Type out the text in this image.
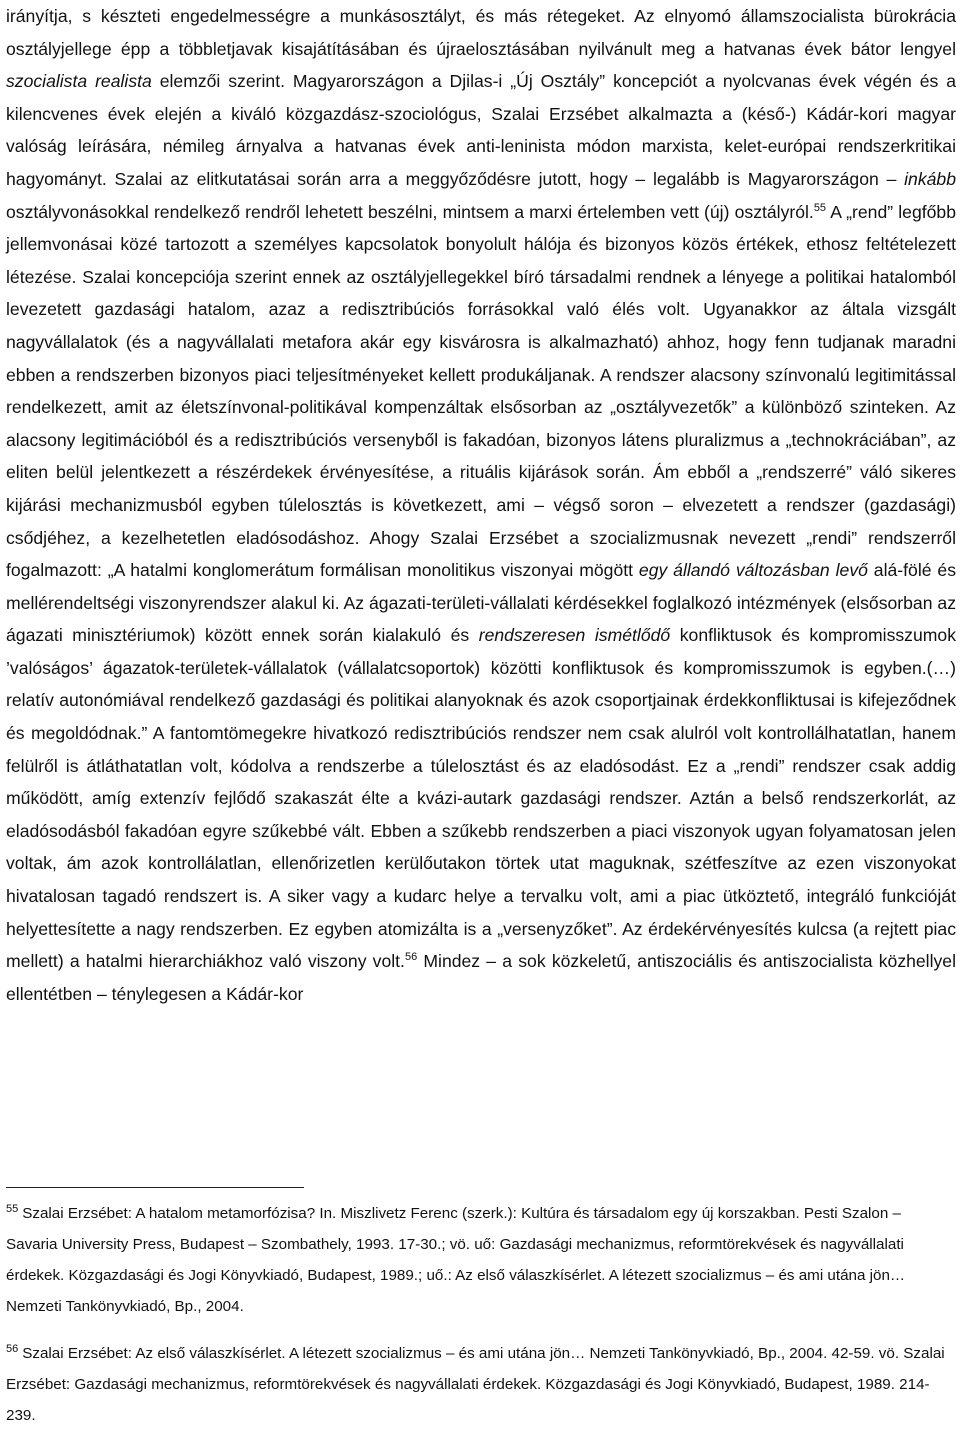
irányítja, s készteti engedelmességre a munkásosztályt, és más rétegeket. Az elnyomó államszocialista bürokrácia osztályjellege épp a többletjavak kisajátításában és újraelosztásában nyilvánult meg a hatvanas évek bátor lengyel szocialista realista elemzői szerint. Magyarországon a Djilas-i „Új Osztály” koncepciót a nyolcvanas évek végén és a kilencvenes évek elején a kiváló közgazdász-szociológus, Szalai Erzsébet alkalmazta a (késő-) Kádár-kori magyar valóság leírására, némileg árnyalva a hatvanas évek anti-leninista módon marxista, kelet-európai rendszerkritikai hagyományt. Szalai az elitkutatásai során arra a meggyőződésre jutott, hogy – legalább is Magyarországon – inkább osztályvonásokkal rendelkező rendről lehetett beszélni, mintsem a marxi értelemben vett (új) osztályról.$^{55}$ A „rend” legfőbb jellemvonásai közé tartozott a személyes kapcsolatok bonyolult hálója és bizonyos közös értékek, ethosz feltételezett létezése. Szalai koncepciója szerint ennek az osztályjellegekkel bíró társadalmi rendnek a lényege a politikai hatalomból levezetett gazdasági hatalom, azaz a redisztribúciós forrásokkal való élés volt. Ugyanakkor az általa vizsgált nagyvállalatok (és a nagyvállalati metafora akár egy kisvárosra is alkalmazható) ahhoz, hogy fenn tudjanak maradni ebben a rendszerben bizonyos piaci teljesítményeket kellett produkáljanak. A rendszer alacsony színvonalú legitimitással rendelkezett, amit az életszínvonal-politikával kompenzáltak elsősorban az „osztályvezetők” a különböző szinteken. Az alacsony legitimációból és a redisztribúciós versenyből is fakadóan, bizonyos látens pluralizmus a „technokráciában”, az eliten belül jelentkezett a részérdekek érvényesítése, a rituális kijárások során. Ám ebből a „rendszerré” váló sikeres kijárási mechanizmusból egyben túlelosztás is következett, ami – végső soron – elvezetett a rendszer (gazdasági) csődjéhez, a kezelhetetlen eladósodáshoz. Ahogy Szalai Erzsébet a szocializmusnak nevezett „rendi” rendszerről fogalmazott: „A hatalmi konglomerátum formálisan monolitikus viszonyai mögött egy állandó változásban levő alá-fölé és mellérendeltségi viszonyrendszer alakul ki. Az ágazati-területi-vállalati kérdésekkel foglalkozó intézmények (elsősorban az ágazati minisztériumok) között ennek során kialakuló és rendszeresen ismétlődő konfliktusok és kompromisszumok ’valóságos’ ágazatok-területek-vállalatok (vállalatcsoportok) közötti konfliktusok és kompromisszumok is egyben.(…) relatív autonómiával rendelkező gazdasági és politikai alanyoknak és azok csoportjainak érdekkonfliktusai is kifejeződnek és megoldódnak.” A fantomtömegekre hivatkozó redisztribúciós rendszer nem csak alulról volt kontrollálhatatlan, hanem felülről is átláthatatlan volt, kódolva a rendszerbe a túlelosztást és az eladósodást. Ez a „rendi” rendszer csak addig működött, amíg extenzív fejlődő szakaszát élte a kvázi-autark gazdasági rendszer. Aztán a belső rendszerkorlát, az eladósodásból fakadóan egyre szűkebbé vált. Ebben a szűkebb rendszerben a piaci viszonyok ugyan folyamatosan jelen voltak, ám azok kontrollálatlan, ellenőrizetlen kerülőutakon törtek utat maguknak, szétfeszítve az ezen viszonyokat hivatalosan tagadó rendszert is. A siker vagy a kudarc helye a tervalku volt, ami a piac ütköztető, integráló funkcióját helyettesítette a nagy rendszerben. Ez egyben atomizálta is a „versenyzőket”. Az érdekérvényesítés kulcsa (a rejtett piac mellett) a hatalmi hierarchiákhoz való viszony volt.$^{56}$ Mindez – a sok közkeletű, antiszociális és antiszocialista közhellyel ellentétben – ténylegesen a Kádár-kor

$^{55}$ Szalai Erzsébet: A hatalom metamorfózisa? In. Miszlivetz Ferenc (szerk.): Kultúra és társadalom egy új korszakban. Pesti Szalon – Savaria University Press, Budapest – Szombathely, 1993. 17-30.; vö. uő: Gazdasági mechanizmus, reformtörekvések és nagyvállalati érdekek. Közgazdasági és Jogi Könyvkiadó, Budapest, 1989.; uő.: Az első válaszkísérlet. A létezett szocializmus – és ami utána jön… Nemzeti Tankönyvkiadó, Bp., 2004.

$^{56}$ Szalai Erzsébet: Az első válaszkísérlet. A létezett szocializmus – és ami utána jön… Nemzeti Tankönyvkiadó, Bp., 2004. 42-59. vö. Szalai Erzsébet: Gazdasági mechanizmus, reformtörekvések és nagyvállalati érdekek. Közgazdasági és Jogi Könyvkiadó, Budapest, 1989. 214-239.
